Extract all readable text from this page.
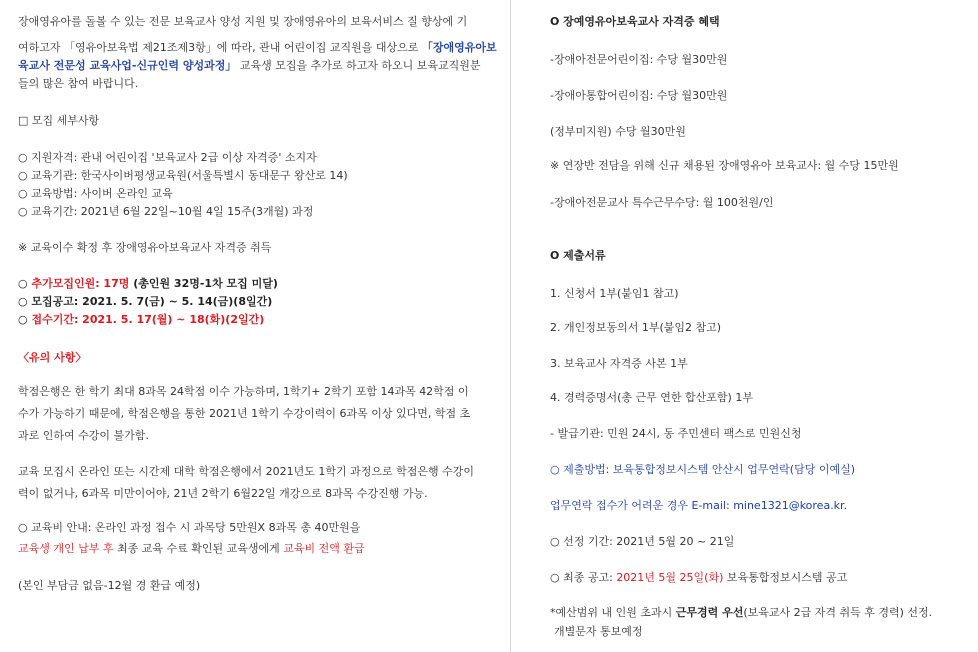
장애영유아를 돌볼 수 있는 전문 보육교사 양성 지원 및 장애영유아의 보육서비스 질 향상에 기
여하고자 「영유아보육법 제21조제3항」에 따라, 관내 어린이집 교직원을 대상으로 「장애영유아보
육교사 전문성 교육사업-신규인력 양성과정」 교육생 모집을 추가로 하고자 하오니 보육교직원분
들의 많은 참여 바랍니다.
□ 모집 세부사항
○ 지원자격: 관내 어린이집 '보육교사 2급 이상 자격증' 소지자
○ 교육기관: 한국사이버평생교육원(서울특별시 동대문구 왕산로 14)
○ 교육방법: 사이버 온라인 교육
○ 교육기간: 2021년 6월 22일~10월 4일 15주(3개월) 과정
※ 교육이수 확정 후 장애영유아보육교사 자격증 취득
○ 추가모집인원: 17명 (총인원 32명-1차 모집 미달)
○ 모집공고: 2021. 5. 7(금) ~ 5. 14(금)(8일간)
○ 접수기간: 2021. 5. 17(월) ~ 18(화)(2일간)
〈유의 사항〉
학점은행은 한 학기 최대 8과목 24학점 이수 가능하며, 1학기+ 2학기 포함 14과목 42학점 이
수가 가능하기 때문에, 학점은행을 통한 2021년 1학기 수강이력이 6과목 이상 있다면, 학점 초
과로 인하여 수강이 불가함.
교육 모집시 온라인 또는 시간제 대학 학점은행에서 2021년도 1학기 과정으로 학점은행 수강이
력이 없거나, 6과목 미만이어야, 21년 2학기 6월22일 개강으로 8과목 수강진행 가능.
○ 교육비 안내: 온라인 과정 접수 시 과목당 5만원X 8과목 총 40만원을
교육생 개인 납부 후 최종 교육 수료 확인된 교육생에게 교육비 전액 환급
(본인 부담금 없음-12월 경 환급 예정)
O 장예영유아보육교사 자격증 혜택
-장애아전문어린이집: 수당 월30만원
-장애아통합어린이집: 수당 월30만원
(정부미지원) 수당 월30만원
※ 연장반 전담을 위해 신규 채용된 장애영유아 보육교사: 월 수당 15만원
-장애아전문교사 특수근무수당: 월 100천원/인
O 제출서류
1. 신청서 1부(붙임1 참고)
2. 개인정보동의서 1부(붙임2 참고)
3. 보육교사 자격증 사본 1부
4. 경력증명서(총 근무 연한 합산포함) 1부
- 발급기관: 민원 24시, 동 주민센터 팩스로 민원신청
○ 제출방법: 보육통합정보시스템 안산시 업무연락(담당 이예실)
업무연락 접수가 어려운 경우 E-mail: mine1321@korea.kr.
○ 선정 기간: 2021년 5월 20 ~ 21일
○ 최종 공고: 2021년 5월 25일(화) 보육통합정보시스템 공고
*예산범위 내 인원 초과시 근무경력 우선(보육교사 2급 자격 취득 후 경력) 선정.
개별문자 통보예정
